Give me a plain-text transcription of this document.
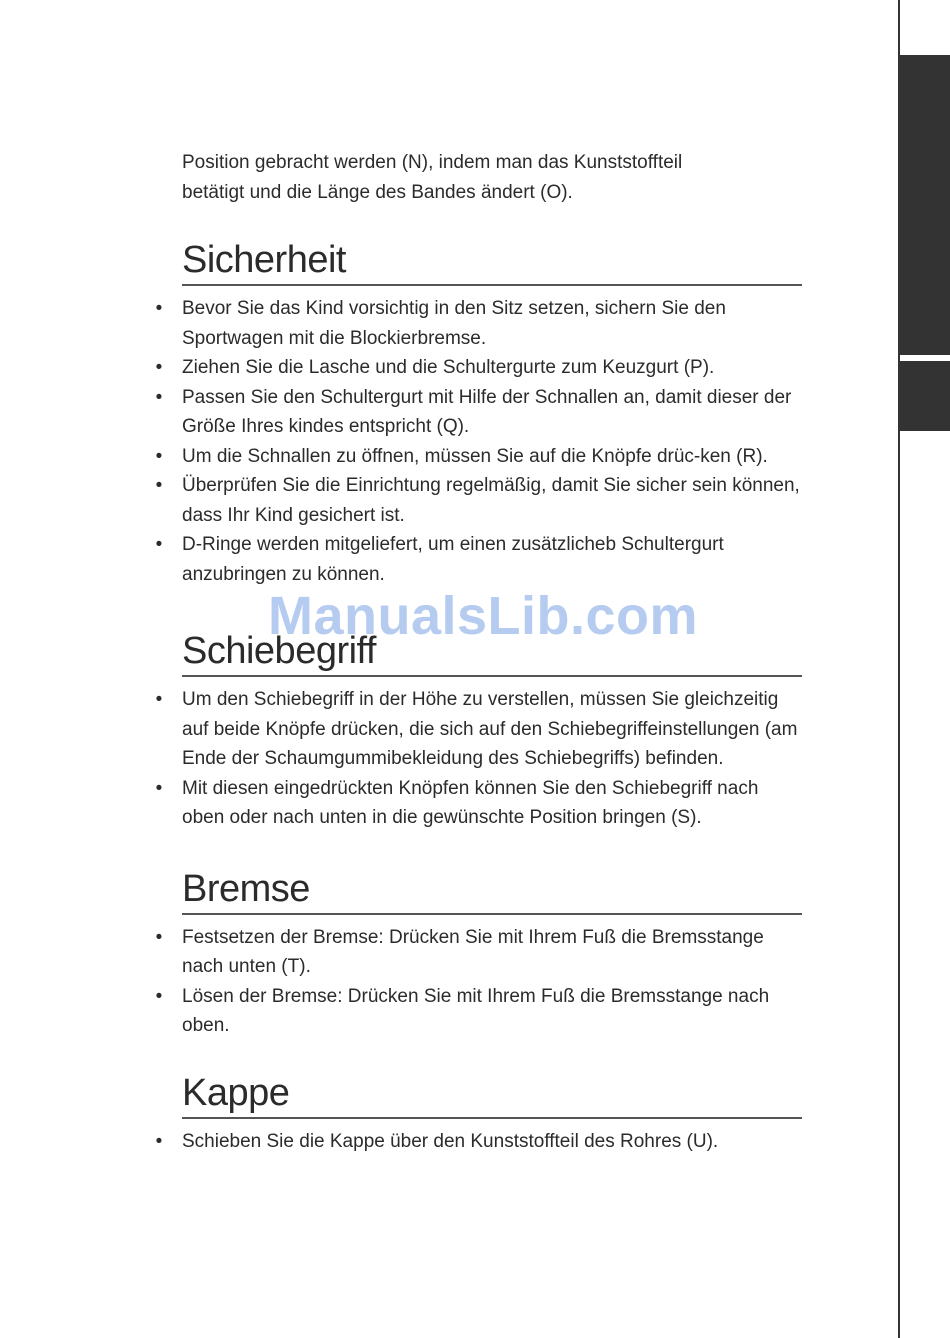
Position gebracht werden (N), indem man das Kunststoffteil
betätigt und die Länge des Bandes ändert (O).

Sicherheit
• Bevor Sie das Kind vorsichtig in den Sitz setzen, sichern Sie den Sportwagen mit die Blockierbremse.
• Ziehen Sie die Lasche und die Schultergurte zum Keuzgurt (P).
• Passen Sie den Schultergurt mit Hilfe der Schnallen an, damit dieser der Größe Ihres kindes entspricht (Q).
• Um die Schnallen zu öffnen, müssen Sie auf die Knöpfe drüc-ken (R).
• Überprüfen Sie die Einrichtung regelmäßig, damit Sie sicher sein können, dass Ihr Kind gesichert ist.
• D-Ringe werden mitgeliefert, um einen zusätzlicheb Schultergurt anzubringen zu können.
Schiebegriff
• Um den Schiebegriff in der Höhe zu verstellen, müssen Sie gleichzeitig auf beide Knöpfe drücken, die sich auf den Schiebegriffeinstellungen (am Ende der Schaumgummibekleidung des Schiebegriffs) befinden.
• Mit diesen eingedrückten Knöpfen können Sie den Schiebegriff nach oben oder nach unten in die gewünschte Position bringen (S).
Bremse
• Festsetzen der Bremse: Drücken Sie mit Ihrem Fuß die Bremsstange nach unten (T).
• Lösen der Bremse: Drücken Sie mit Ihrem Fuß die Bremsstange nach oben.
Kappe
• Schieben Sie die Kappe über den Kunststoffteil des Rohres (U).
ManualsLib.com
